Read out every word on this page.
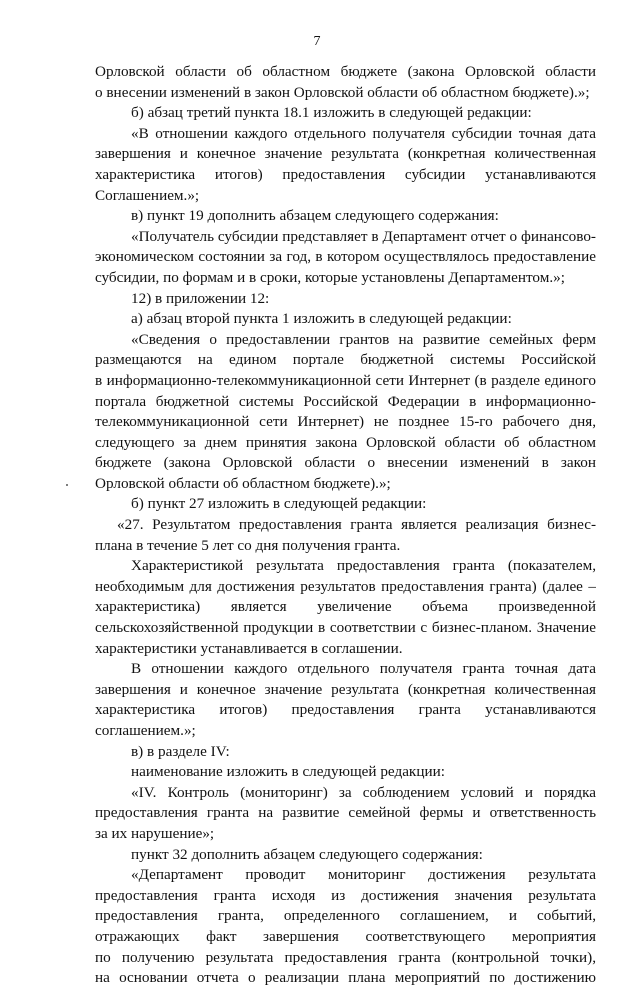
7
Орловской области об областном бюджете (закона Орловской области
о внесении изменений в закон Орловской области об областном бюджете).»;
б) абзац третий пункта 18.1 изложить в следующей редакции:
«В отношении каждого отдельного получателя субсидии точная дата
завершения и конечное значение результата (конкретная количественная
характеристика итогов) предоставления субсидии устанавливаются
Соглашением.»;
в) пункт 19 дополнить абзацем следующего содержания:
«Получатель субсидии представляет в Департамент отчет о финансово-
экономическом состоянии за год, в котором осуществлялось предоставление
субсидии, по формам и в сроки, которые установлены Департаментом.»;
12) в приложении 12:
а) абзац второй пункта 1 изложить в следующей редакции:
«Сведения о предоставлении грантов на развитие семейных ферм
размещаются на едином портале бюджетной системы Российской
в информационно-телекоммуникационной сети Интернет (в разделе единого
портала бюджетной системы Российской Федерации в информационно-
телекоммуникационной сети Интернет) не позднее 15-го рабочего дня,
следующего за днем принятия закона Орловской области об областном
бюджете (закона Орловской области о внесении изменений в закон
Орловской области об областном бюджете).»;
б) пункт 27 изложить в следующей редакции:
«27. Результатом предоставления гранта является реализация бизнес-
плана в течение 5 лет со дня получения гранта.
Характеристикой результата предоставления гранта (показателем,
необходимым для достижения результатов предоставления гранта) (далее –
характеристика) является увеличение объема произведенной
сельскохозяйственной продукции в соответствии с бизнес-планом. Значение
характеристики устанавливается в соглашении.
В отношении каждого отдельного получателя гранта точная дата
завершения и конечное значение результата (конкретная количественная
характеристика итогов) предоставления гранта устанавливаются
соглашением.»;
в) в разделе IV:
наименование изложить в следующей редакции:
«IV. Контроль (мониторинг) за соблюдением условий и порядка
предоставления гранта на развитие семейной фермы и ответственность
за их нарушение»;
пункт 32 дополнить абзацем следующего содержания:
«Департамент проводит мониторинг достижения результата
предоставления гранта исходя из достижения значения результата
предоставления гранта, определенного соглашением, и событий,
отражающих факт завершения соответствующего мероприятия
по получению результата предоставления гранта (контрольной точки),
на основании отчета о реализации плана мероприятий по достижению
